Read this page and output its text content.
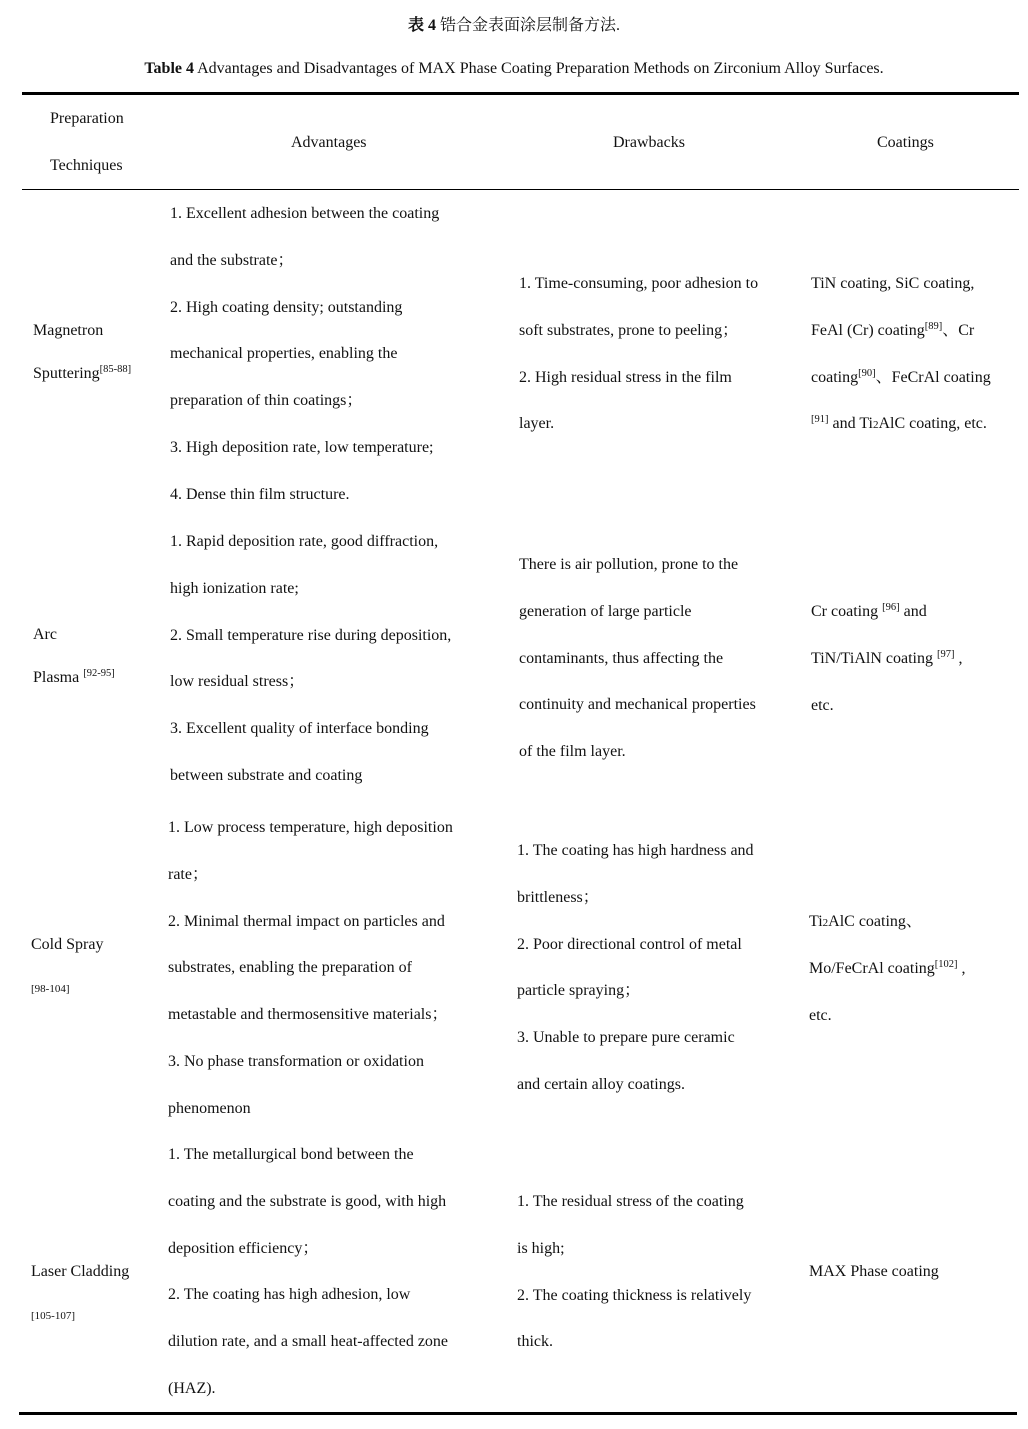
表 4 锆合金表面涂层制备方法.
Table 4 Advantages and Disadvantages of MAX Phase Coating Preparation Methods on Zirconium Alloy Surfaces.
Preparation
Techniques
Advantages	Drawbacks	Coatings
Magnetron
Sputtering[85-88]
1. Excellent adhesion between the coating
and the substrate；
2. High coating density; outstanding
mechanical properties, enabling the
preparation of thin coatings；
3. High deposition rate, low temperature;
4. Dense thin film structure.
1. Time-consuming, poor adhesion to
soft substrates, prone to peeling；
2. High residual stress in the film
layer.
TiN coating, SiC coating,
FeAl (Cr) coating[89]、Cr
coating[90]、FeCrAl coating
[91] and Ti2AlC coating, etc.
Arc
Plasma [92-95]
1. Rapid deposition rate, good diffraction,
high ionization rate;
2. Small temperature rise during deposition,
low residual stress；
3. Excellent quality of interface bonding
between substrate and coating
There is air pollution, prone to the
generation of large particle
contaminants, thus affecting the
continuity and mechanical properties
of the film layer.
Cr coating [96] and
TiN/TiAlN coating [97] ,
etc.
Cold Spray
[98-104]
1. Low process temperature, high deposition
rate；
2. Minimal thermal impact on particles and
substrates, enabling the preparation of
metastable and thermosensitive materials；
3. No phase transformation or oxidation
phenomenon
1. The coating has high hardness and
brittleness；
2. Poor directional control of metal
particle spraying；
3. Unable to prepare pure ceramic
and certain alloy coatings.
Ti2AlC coating、
Mo/FeCrAl coating[102] ,
etc.
Laser Cladding
[105-107]
1. The metallurgical bond between the
coating and the substrate is good, with high
deposition efficiency；
2. The coating has high adhesion, low
dilution rate, and a small heat-affected zone
(HAZ).
1. The residual stress of the coating
is high;
2. The coating thickness is relatively
thick.
MAX Phase coating
